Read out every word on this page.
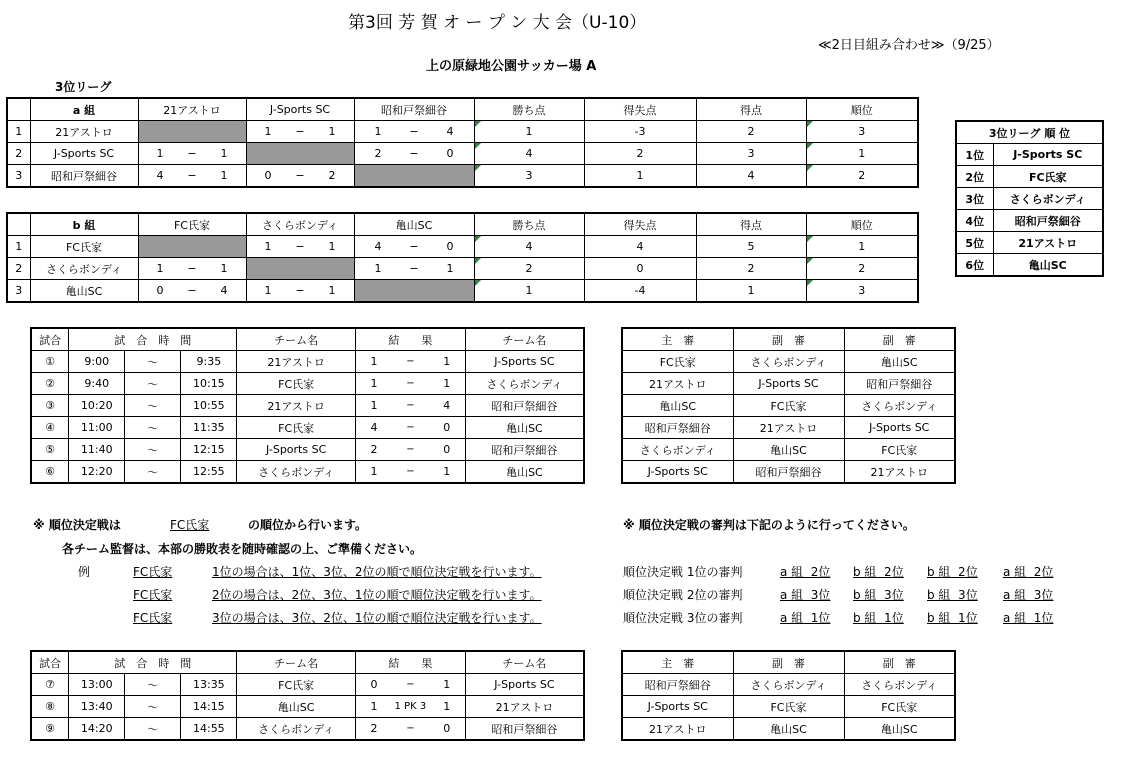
第3回 芳 賀 オ ー プ ン 大 会（U-10）
≪2日目組み合わせ≫（9/25）
上の原緑地公園サッカー場 A
3位リーグ
	a 組	21アストロ	J-Sports SC	昭和戸祭細谷	勝ち点	得失点	得点	順位
1	21アストロ		1 − 1	1 − 4	1	-3	2	3
2	J-Sports SC	1 − 1		2 − 0	4	2	3	1
3	昭和戸祭細谷	4 − 1	0 − 2		3	1	4	2
	b 組	FC氏家	さくらボンディ	亀山SC	勝ち点	得失点	得点	順位
1	FC氏家		1 − 1	4 − 0	4	4	5	1
2	さくらボンディ	1 − 1		1 − 1	2	0	2	2
3	亀山SC	0 − 4	1 − 1		1	-4	1	3
3位リーグ 順 位	
1位	J-Sports SC
2位	FC氏家
3位	さくらボンディ
4位	昭和戸祭細谷
5位	21アストロ
6位	亀山SC
試合	試　合　時　間			チーム名	結　　果			チーム名
①	9:00	〜	9:35	21アストロ	1	−	1	J-Sports SC
②	9:40	〜	10:15	FC氏家	1	−	1	さくらボンディ
③	10:20	〜	10:55	21アストロ	1	−	4	昭和戸祭細谷
④	11:00	〜	11:35	FC氏家	4	−	0	亀山SC
⑤	11:40	〜	12:15	J-Sports SC	2	−	0	昭和戸祭細谷
⑥	12:20	〜	12:55	さくらボンディ	1	−	1	亀山SC
主　審	副　審	副　審
FC氏家	さくらボンディ	亀山SC
21アストロ	J-Sports SC	昭和戸祭細谷
亀山SC	FC氏家	さくらボンディ
昭和戸祭細谷	21アストロ	J-Sports SC
さくらボンディ	亀山SC	FC氏家
J-Sports SC	昭和戸祭細谷	21アストロ
※ 順位決定戦は	FC氏家	の順位から行います。
各チーム監督は、本部の勝敗表を随時確認の上、ご準備ください。
例	FC氏家	1位の場合は、1位、3位、2位の順で順位決定戦を行います。
FC氏家	2位の場合は、2位、3位、1位の順で順位決定戦を行います。
FC氏家	3位の場合は、3位、2位、1位の順で順位決定戦を行います。
※ 順位決定戦の審判は下記のように行ってください。
順位決定戦 1位の審判	a 組  2位 b 組  2位 b 組  2位 a 組  2位
順位決定戦 2位の審判	a 組  3位 b 組  3位 b 組  3位 a 組  3位
順位決定戦 3位の審判	a 組  1位 b 組  1位 b 組  1位 a 組  1位
試合	試　合　時　間			チーム名	結　　果			チーム名
⑦	13:00	〜	13:35	FC氏家	0	−	1	J-Sports SC
⑧	13:40	〜	14:15	亀山SC	1	1 PK 3	1	21アストロ
⑨	14:20	〜	14:55	さくらボンディ	2	−	0	昭和戸祭細谷
主　審	副　審	副　審
昭和戸祭細谷	さくらボンディ	さくらボンディ
J-Sports SC	FC氏家	FC氏家
21アストロ	亀山SC	亀山SC
